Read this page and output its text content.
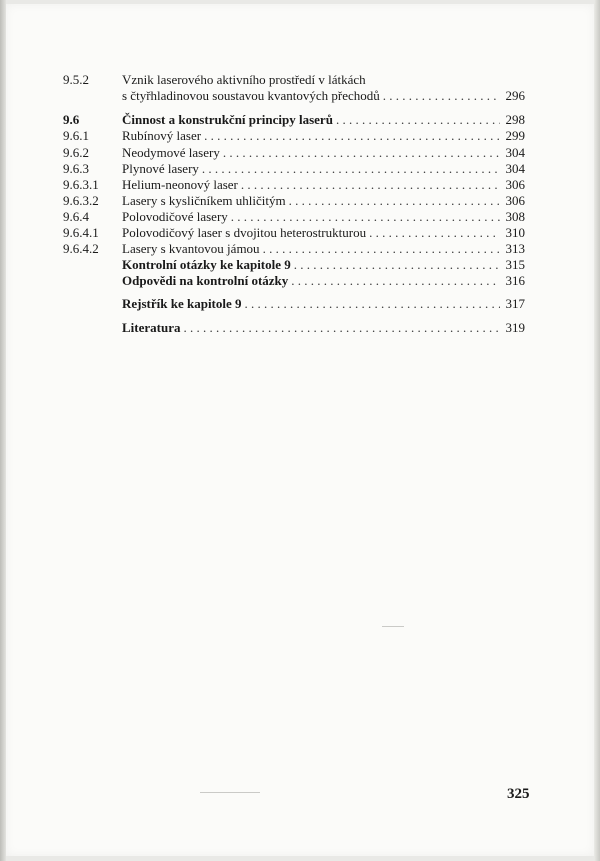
9.5.2	Vznik laserového aktivního prostředí v látkách
s čtyřhladinovou soustavou kvantových přechodů . . .	296
9.6	Činnost a konstrukční principy laserů . . .	298
9.6.1	Rubínový laser . . .	299
9.6.2	Neodymové lasery . . .	304
9.6.3	Plynové lasery . . .	304
9.6.3.1 Helium-neonový laser . . .	306
9.6.3.2 Lasery s kysličníkem uhličitým . . .	306
9.6.4	Polovodičové lasery . . .	308
9.6.4.1 Polovodičový laser s dvojitou heterostrukturou . . .	310
9.6.4.2 Lasery s kvantovou jámou . . .	313
Kontrolní otázky ke kapitole 9 . . .	315
Odpovědi na kontrolní otázky . . .	316
Rejstřík ke kapitole 9 . . .	317
Literatura . . .	319
325
